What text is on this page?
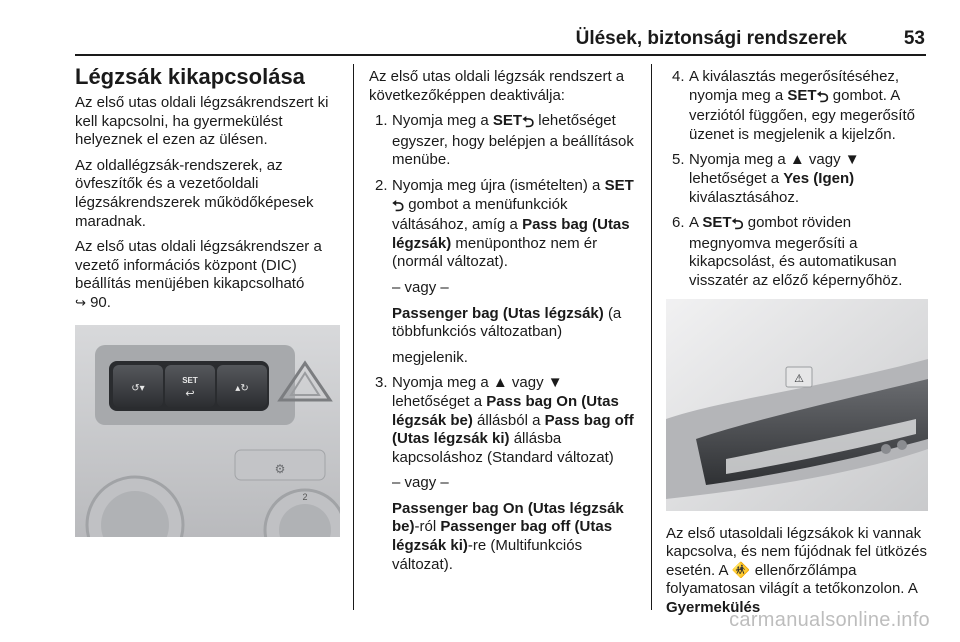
Ülések, biztonsági rendszerek	53
Légzsák kikapcsolása

Az első utas oldali légzsákrendszert ki kell kapcsolni, ha gyermekülést helyeznek el ezen az ülésen.

Az oldallégzsák-rendszerek, az övfeszítők és a vezetőoldali légzsákrendszerek működőképesek maradnak.

Az első utas oldali légzsákrendszer a vezető információs központ (DIC) beállítás menüjében kikapcsolható
↪ 90.

↺▾
SET
↩	▴↻
⚙
2

Az első utas oldali légzsák rendszert a következőképpen deaktiválja:

1. Nyomja meg a SET⮌ lehetőséget egyszer, hogy belépjen a beállítások menübe.
2. Nyomja meg újra (ismételten) a SET⮌ gombot a menüfunkciók váltásához, amíg a Pass bag (Utas légzsák) menüponthoz nem ér (normál változat).
– vagy –
Passenger bag (Utas légzsák) (a többfunkciós változatban)
megjelenik.
3. Nyomja meg a ▲ vagy ▼ lehetőséget a Pass bag On (Utas légzsák be) állásból a Pass bag off (Utas légzsák ki) állásba kapcsoláshoz (Standard változat)
– vagy –
Passenger bag On (Utas légzsák be)-ról Passenger bag off (Utas légzsák ki)-re (Multifunkciós változat).
4. A kiválasztás megerősítéséhez, nyomja meg a SET⮌ gombot. A verziótól függően, egy megerősítő üzenet is megjelenik a kijelzőn.
5. Nyomja meg a ▲ vagy ▼ lehetőséget a Yes (Igen) kiválasztásához.
6. A SET⮌ gombot röviden megnyomva megerősíti a kikapcsolást, és automatikusan visszatér az előző képernyőhöz.
⚠

Az első utasoldali légzsákok ki vannak kapcsolva, és nem fújódnak fel ütközés esetén. A 🚸 ellenőrzőlámpa folyamatosan világít a tetőkonzolon. A Gyermekülés

carmanualsonline.info
